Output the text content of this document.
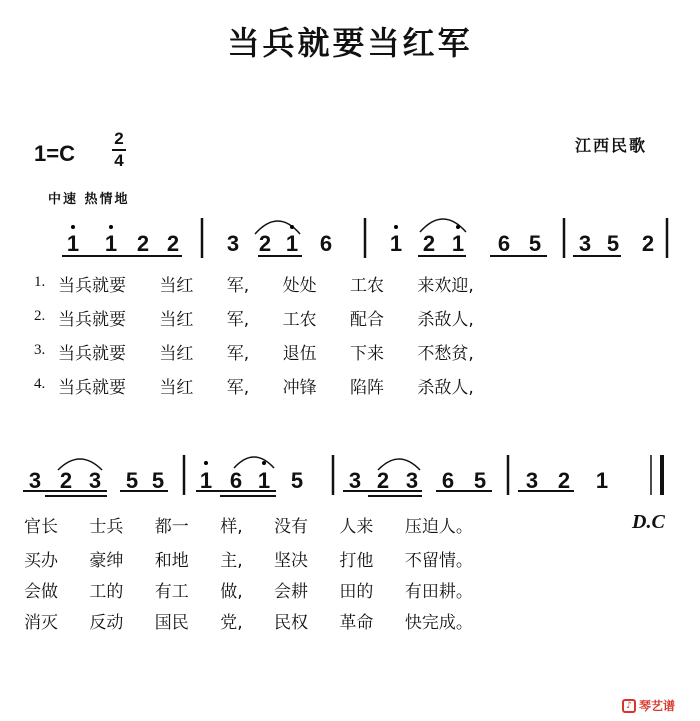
当兵就要当红军
1=C
2
4
江西民歌
中速 热情地
1 1 2 2 3 2 1 6	1 2 1 6 5 3 5 2
3 2 3 5 5 1 6 1 5 3 2 3 6 5 3 2 1
1. 当兵就要 当红 军, 处处 工农 来欢迎,
2. 当兵就要 当红 军, 工农 配合 杀敌人,
3. 当兵就要 当红 军, 退伍 下来 不愁贫,
4. 当兵就要 当红 军, 冲锋 陷阵 杀敌人,
官长 士兵 都一 样, 没有 人来 压迫人。	D.C
买办 豪绅 和地 主, 坚决 打他 不留情。
会做 工的 有工 做, 会耕 田的 有田耕。
消灭 反动 国民 党, 民权 革命 快完成。
♪ 琴艺谱
